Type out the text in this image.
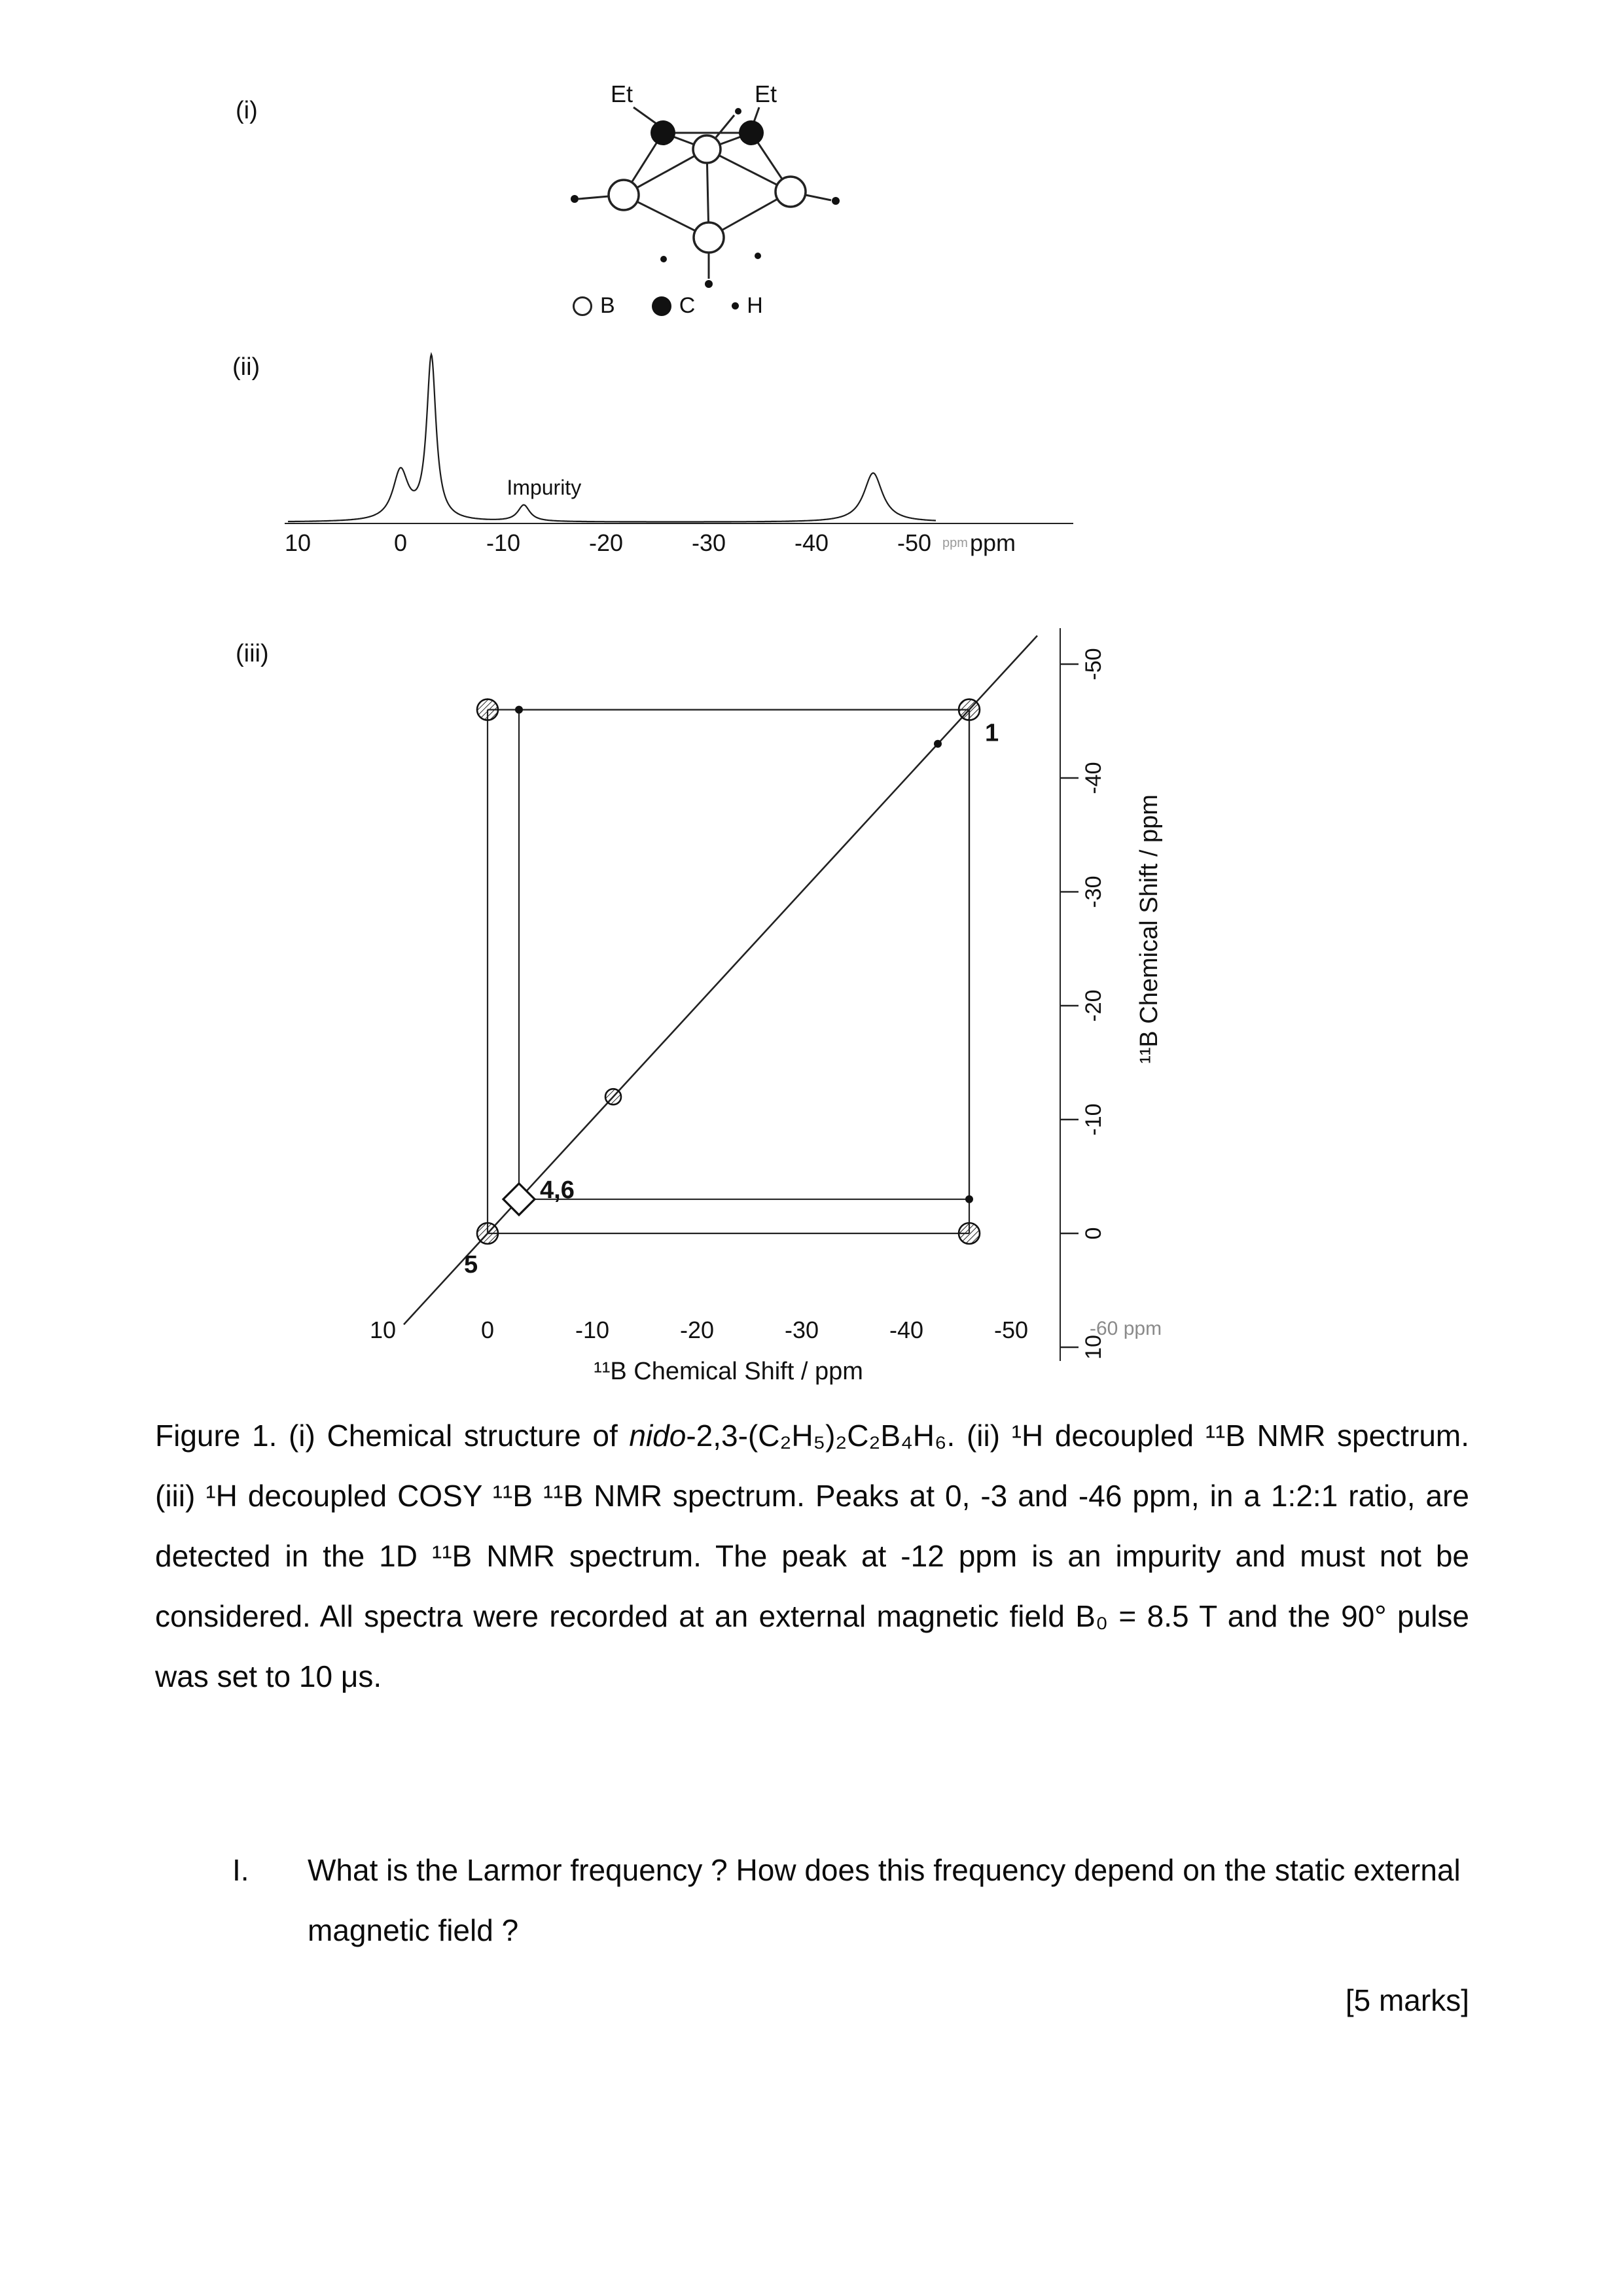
(i)
Et	Et
B	C H
(ii)
10	0	-10	-20	-30	-40	-50 ppm ppm
Impurity
(iii)
1
4,6
5
-50
-40
-30
-20
-10
0
10
¹¹B Chemical Shift / ppm
10	0	-10	-20	-30	-40	-50	-60 ppm
¹¹B Chemical Shift / ppm
Figure 1. (i) Chemical structure of nido-2,3-(C₂H₅)₂C₂B₄H₆. (ii) ¹H decoupled ¹¹B NMR spectrum. (iii) ¹H decoupled COSY ¹¹B ¹¹B NMR spectrum. Peaks at 0, -3 and -46 ppm, in a 1:2:1 ratio, are detected in the 1D ¹¹B NMR spectrum. The peak at -12 ppm is an impurity and must not be considered. All spectra were recorded at an external magnetic field B₀ = 8.5 T and the 90° pulse was set to 10 μs.
I.	What is the Larmor frequency ? How does this frequency depend on the static external magnetic field ?
[5 marks]
